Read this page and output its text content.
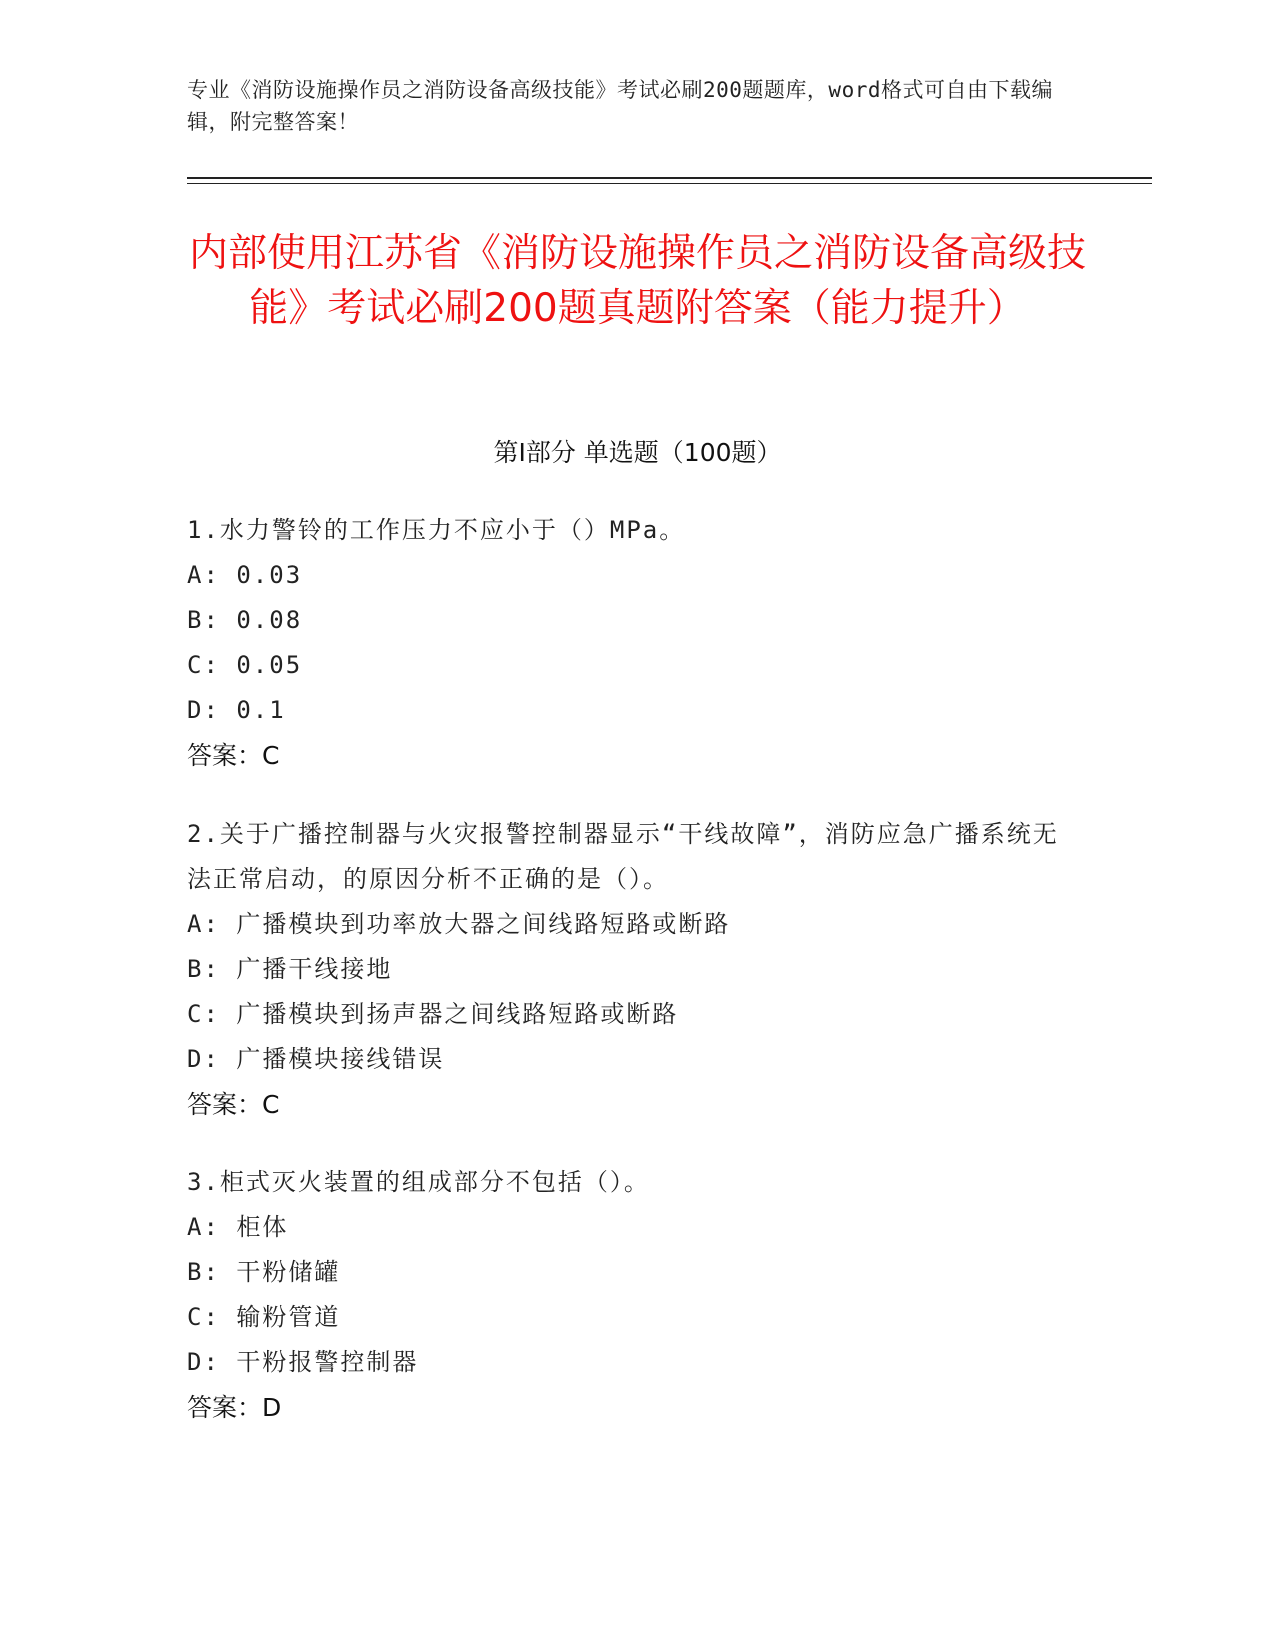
专业《消防设施操作员之消防设备高级技能》考试必刷200题题库，word格式可自由下载编辑，附完整答案！
内部使用江苏省《消防设施操作员之消防设备高级技能》考试必刷200题真题附答案（能力提升）
第I部分 单选题（100题）
1.水力警铃的工作压力不应小于（）MPa。
A: 0.03
B: 0.08
C: 0.05
D: 0.1
答案：C
2.关于广播控制器与火灾报警控制器显示“干线故障”，消防应急广播系统无法正常启动，的原因分析不正确的是（）。
A: 广播模块到功率放大器之间线路短路或断路
B: 广播干线接地
C: 广播模块到扬声器之间线路短路或断路
D: 广播模块接线错误
答案：C
3.柜式灭火装置的组成部分不包括（）。
A: 柜体
B: 干粉储罐
C: 输粉管道
D: 干粉报警控制器
答案：D
